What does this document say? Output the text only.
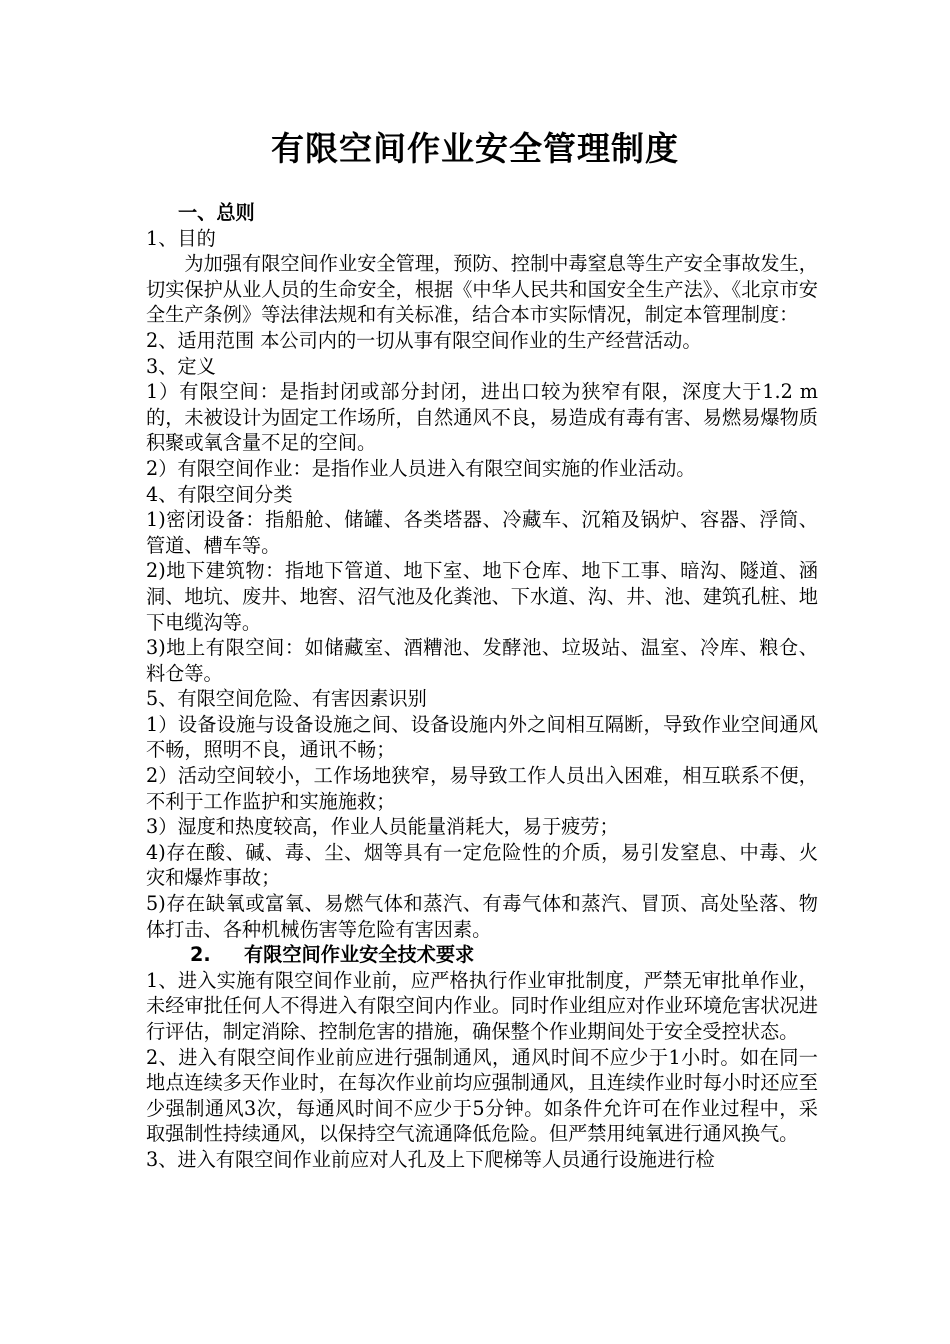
有限空间作业安全管理制度

一、总则

1、目的

为加强有限空间作业安全管理，预防、控制中毒窒息等生产安全事故发生，切实保护从业人员的生命安全，根据《中华人民共和国安全生产法》、《北京市安全生产条例》等法律法规和有关标准，结合本市实际情况，制定本管理制度：

2、适用范围 本公司内的一切从事有限空间作业的生产经营活动。

3、定义

1）有限空间：是指封闭或部分封闭，进出口较为狭窄有限，深度大于1.2 m的，未被设计为固定工作场所，自然通风不良，易造成有毒有害、易燃易爆物质积聚或氧含量不足的空间。

2）有限空间作业：是指作业人员进入有限空间实施的作业活动。

4、有限空间分类

1)密闭设备：指船舱、储罐、各类塔器、冷藏车、沉箱及锅炉、容器、浮筒、管道、槽车等。

2)地下建筑物：指地下管道、地下室、地下仓库、地下工事、暗沟、隧道、涵洞、地坑、废井、地窖、沼气池及化粪池、下水道、沟、井、池、建筑孔桩、地下电缆沟等。

3)地上有限空间：如储藏室、酒糟池、发酵池、垃圾站、温室、冷库、粮仓、料仓等。

5、有限空间危险、有害因素识别

1）设备设施与设备设施之间、设备设施内外之间相互隔断，导致作业空间通风不畅，照明不良，通讯不畅；

2）活动空间较小，工作场地狭窄，易导致工作人员出入困难，相互联系不便，不利于工作监护和实施施救；

3）湿度和热度较高，作业人员能量消耗大，易于疲劳；

4)存在酸、碱、毒、尘、烟等具有一定危险性的介质，易引发窒息、中毒、火灾和爆炸事故；

5)存在缺氧或富氧、易燃气体和蒸汽、有毒气体和蒸汽、冒顶、高处坠落、物体打击、各种机械伤害等危险有害因素。

2. 有限空间作业安全技术要求

1、进入实施有限空间作业前，应严格执行作业审批制度，严禁无审批单作业，未经审批任何人不得进入有限空间内作业。同时作业组应对作业环境危害状况进行评估，制定消除、控制危害的措施，确保整个作业期间处于安全受控状态。

2、进入有限空间作业前应进行强制通风，通风时间不应少于1小时。如在同一地点连续多天作业时，在每次作业前均应强制通风，且连续作业时每小时还应至少强制通风3次，每通风时间不应少于5分钟。如条件允许可在作业过程中，采取强制性持续通风，以保持空气流通降低危险。但严禁用纯氧进行通风换气。

3、进入有限空间作业前应对人孔及上下爬梯等人员通行设施进行检
